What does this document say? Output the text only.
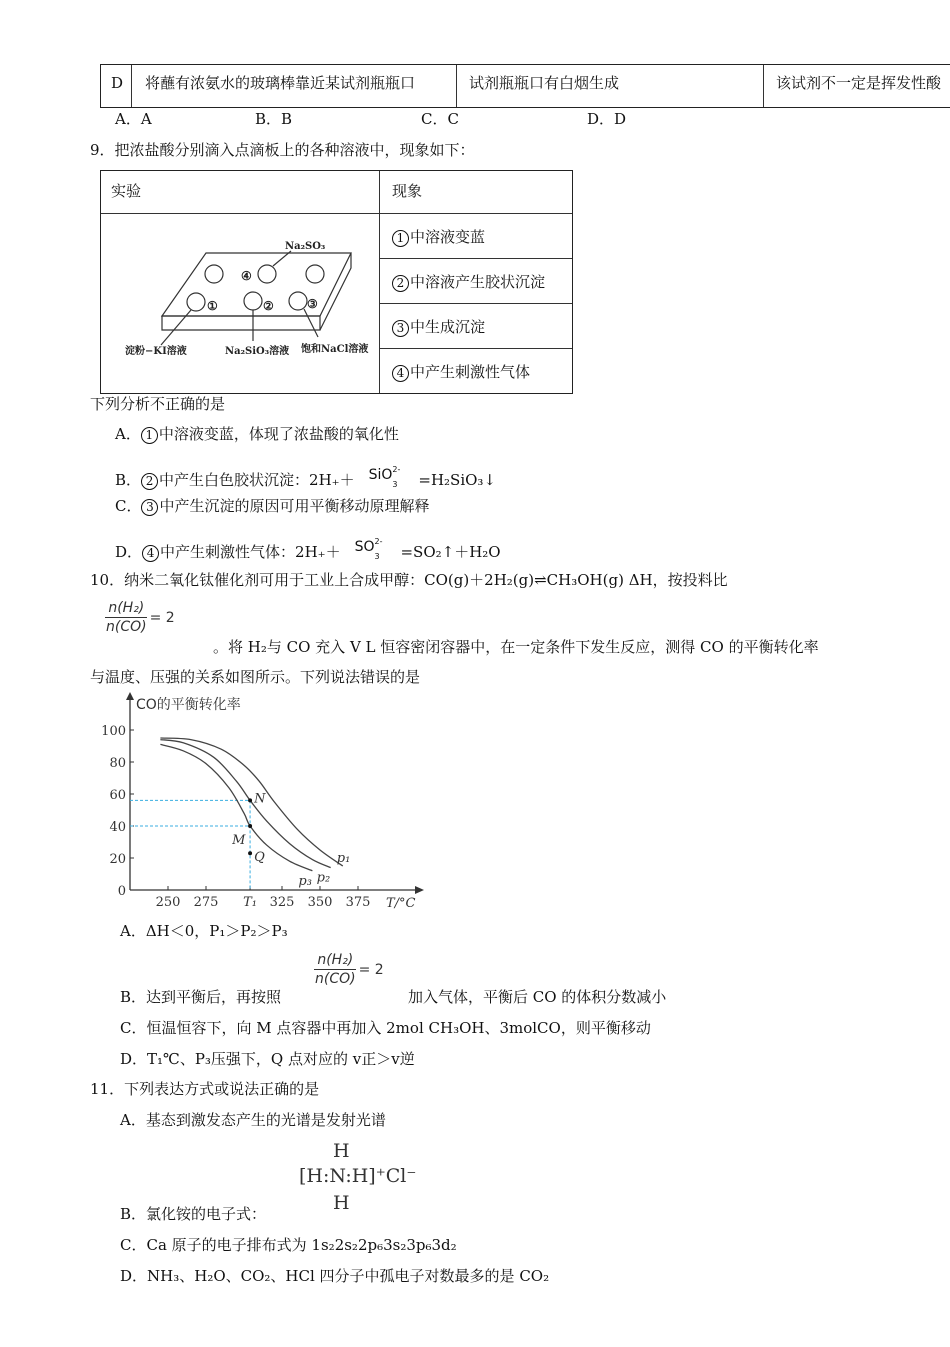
D	将蘸有浓氨水的玻璃棒靠近某试剂瓶瓶口	试剂瓶瓶口有白烟生成	该试剂不一定是挥发性酸
A．A	B．B	C．C	D．D
9．把浓盐酸分别滴入点滴板上的各种溶液中，现象如下：
实验	现象
1 中溶液变蓝
2 中溶液产生胶状沉淀
3 中生成沉淀
4 中产生刺激性气体
Na₂SO₃
淀粉−KI溶液	Na₂SiO₃溶液 饱和NaCl溶液
①	②	③
④
下列分析不正确的是
A． 1 中溶液变蓝，体现了浓盐酸的氧化性
B． 2 中产生白色胶状沉淀：2H₊＋ SiO 2-
3 =H₂SiO₃↓
C． 3 中产生沉淀的原因可用平衡移动原理解释
D． 4 中产生刺激性气体：2H₊＋ SO 2-
3 =SO₂↑＋H₂O
10．纳米二氧化钛催化剂可用于工业上合成甲醇：CO(g)＋2H₂(g)⇌CH₃OH(g) ΔH，按投料比
$\frac{\text{n(H₂)}}{n(CO)} = 2$
。将 H₂与 CO 充入 V L 恒容密闭容器中，在一定条件下发生反应，测得 CO 的平衡转化率
与温度、压强的关系如图所示。下列说法错误的是
CO的平衡转化率
T/°C
0
20
40
60
80
100
250 275 T₁ 325 350 375
p₁
p₂
p₃
N
M
Q
A．ΔH＜0，P₁＞P₂＞P₃
B．达到平衡后，再按照
$\frac{\text{n(H₂)}}{n(CO)} = 2$
加入气体，平衡后 CO 的体积分数减小
C．恒温恒容下，向 M 点容器中再加入 2mol CH₃OH、3molCO，则平衡移动
D．T₁℃、P₃压强下，Q 点对应的 v正＞v逆
11．下列表达方式或说法正确的是
A．基态到激发态产生的光谱是发射光谱
H
[H:N:H]⁺Cl⁻
H
B．氯化铵的电子式：
C．Ca 原子的电子排布式为 1s₂2s₂2p₆3s₂3p₆3d₂
D．NH₃、H₂O、CO₂、HCl 四分子中孤电子对数最多的是 CO₂
